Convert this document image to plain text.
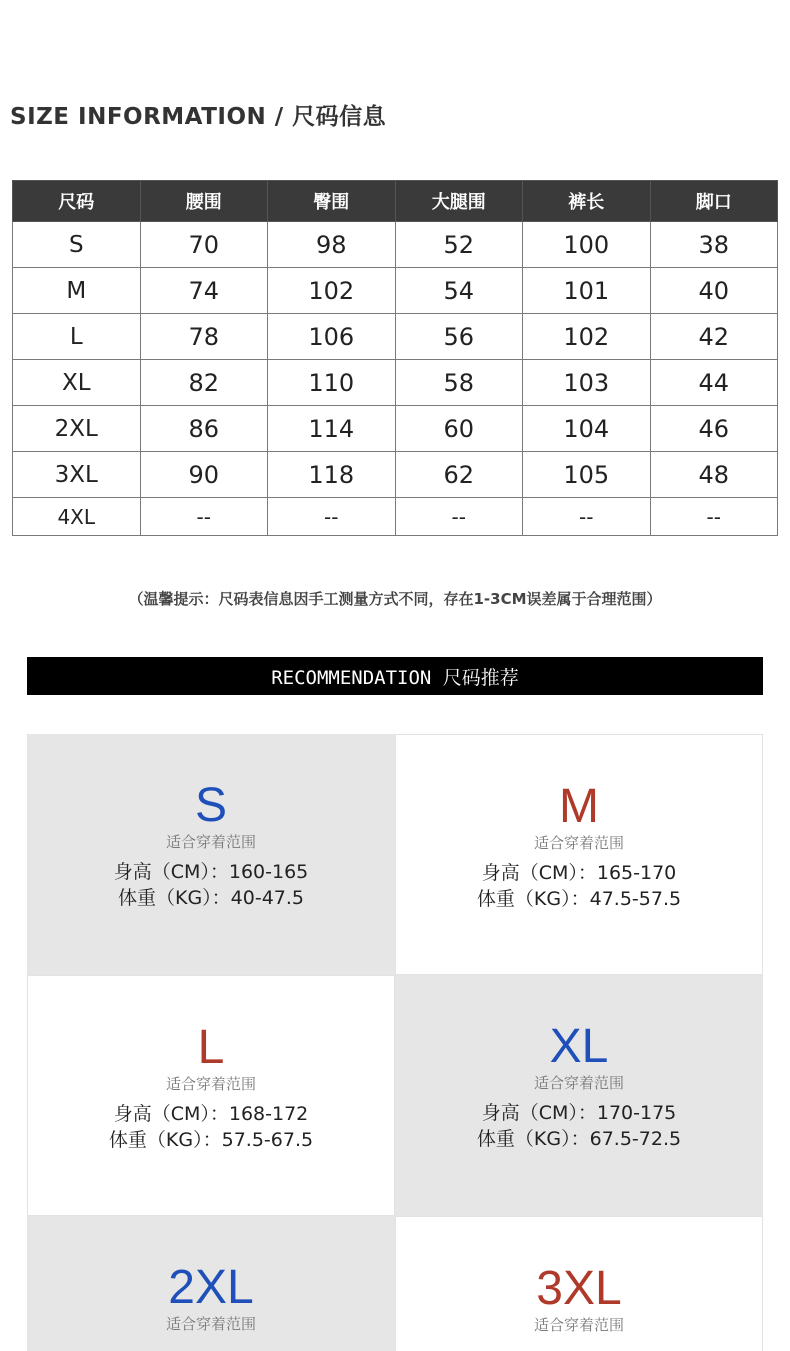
SIZE INFORMATION / 尺码信息
尺码	腰围	臀围	大腿围	裤长	脚口
S	70	98	52	100	38
M	74	102	54	101	40
L	78	106	56	102	42
XL	82	110	58	103	44
2XL	86	114	60	104	46
3XL	90	118	62	105	48
4XL	--	--	--	--	--
（温馨提示：尺码表信息因手工测量方式不同，存在1-3CM误差属于合理范围）
RECOMMENDATION 尺码推荐
S
适合穿着范围
身高（CM）：160-165
体重（KG）：40-47.5
M
适合穿着范围
身高（CM）：165-170
体重（KG）：47.5-57.5
L
适合穿着范围
身高（CM）：168-172
体重（KG）：57.5-67.5
XL
适合穿着范围
身高（CM）：170-175
体重（KG）：67.5-72.5
2XL
适合穿着范围
3XL
适合穿着范围
